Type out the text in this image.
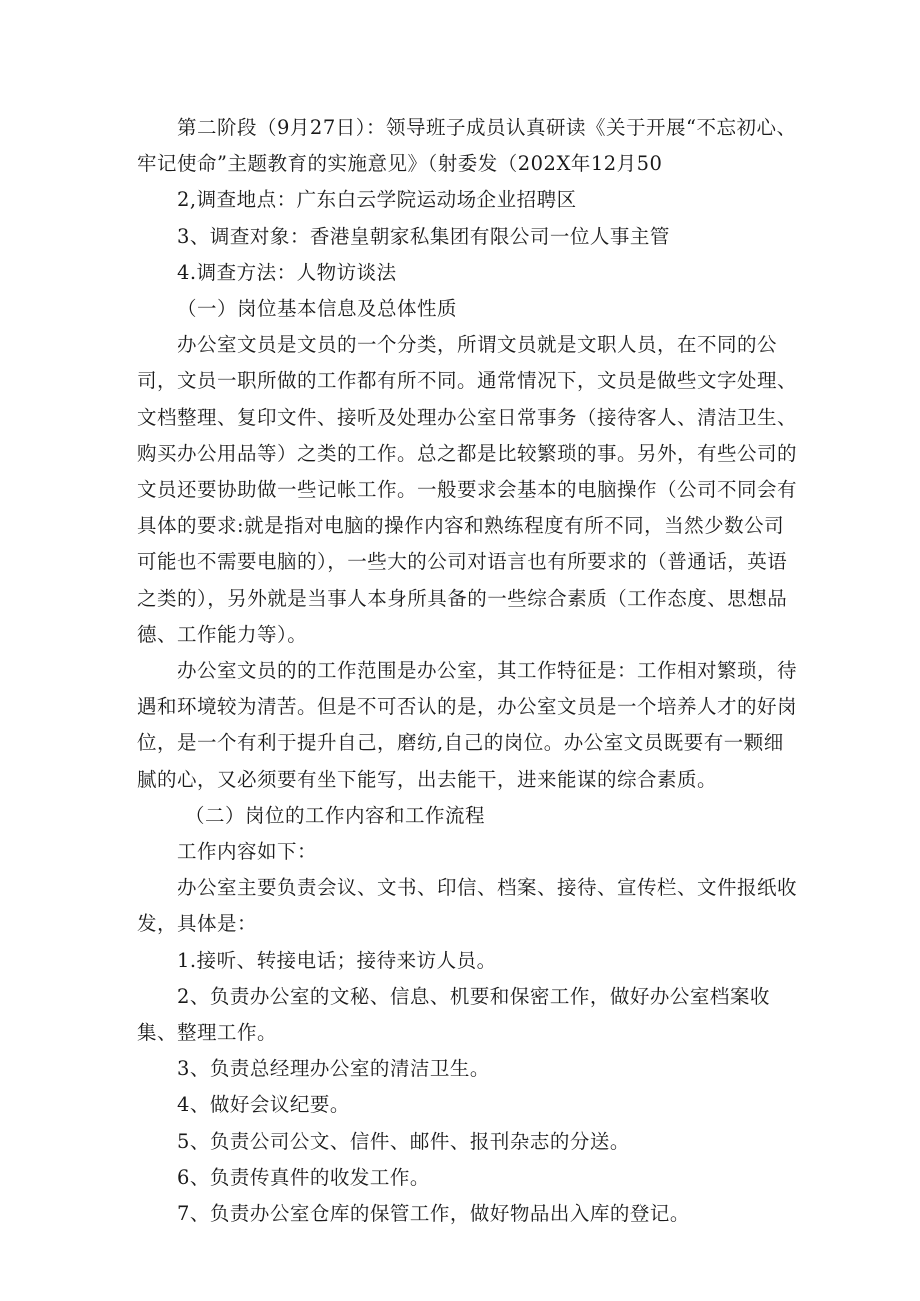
第二阶段（9月27日）：领导班子成员认真研读《关于开展“不忘初心、牢记使命”主题教育的实施意见》（射委发（202X年12月50

2,调查地点：广东白云学院运动场企业招聘区

3、调查对象：香港皇朝家私集团有限公司一位人事主管

4.调查方法：人物访谈法

（一）岗位基本信息及总体性质

办公室文员是文员的一个分类，所谓文员就是文职人员，在不同的公司，文员一职所做的工作都有所不同。通常情况下，文员是做些文字处理、文档整理、复印文件、接听及处理办公室日常事务（接待客人、清洁卫生、购买办公用品等）之类的工作。总之都是比较繁琐的事。另外，有些公司的文员还要协助做一些记帐工作。一般要求会基本的电脑操作（公司不同会有具体的要求:就是指对电脑的操作内容和熟练程度有所不同，当然少数公司可能也不需要电脑的），一些大的公司对语言也有所要求的（普通话，英语之类的），另外就是当事人本身所具备的一些综合素质（工作态度、思想品德、工作能力等）。

办公室文员的的工作范围是办公室，其工作特征是：工作相对繁琐，待遇和环境较为清苦。但是不可否认的是，办公室文员是一个培养人才的好岗位，是一个有利于提升自己，磨纺,自己的岗位。办公室文员既要有一颗细腻的心，又必须要有坐下能写，出去能干，进来能谋的综合素质。

（二）岗位的工作内容和工作流程

工作内容如下：

办公室主要负责会议、文书、印信、档案、接待、宣传栏、文件报纸收发，具体是：

1.接听、转接电话；接待来访人员。

2、负责办公室的文秘、信息、机要和保密工作，做好办公室档案收集、整理工作。

3、负责总经理办公室的清洁卫生。

4、做好会议纪要。

5、负责公司公文、信件、邮件、报刊杂志的分送。

6、负责传真件的收发工作。

7、负责办公室仓库的保管工作，做好物品出入库的登记。
